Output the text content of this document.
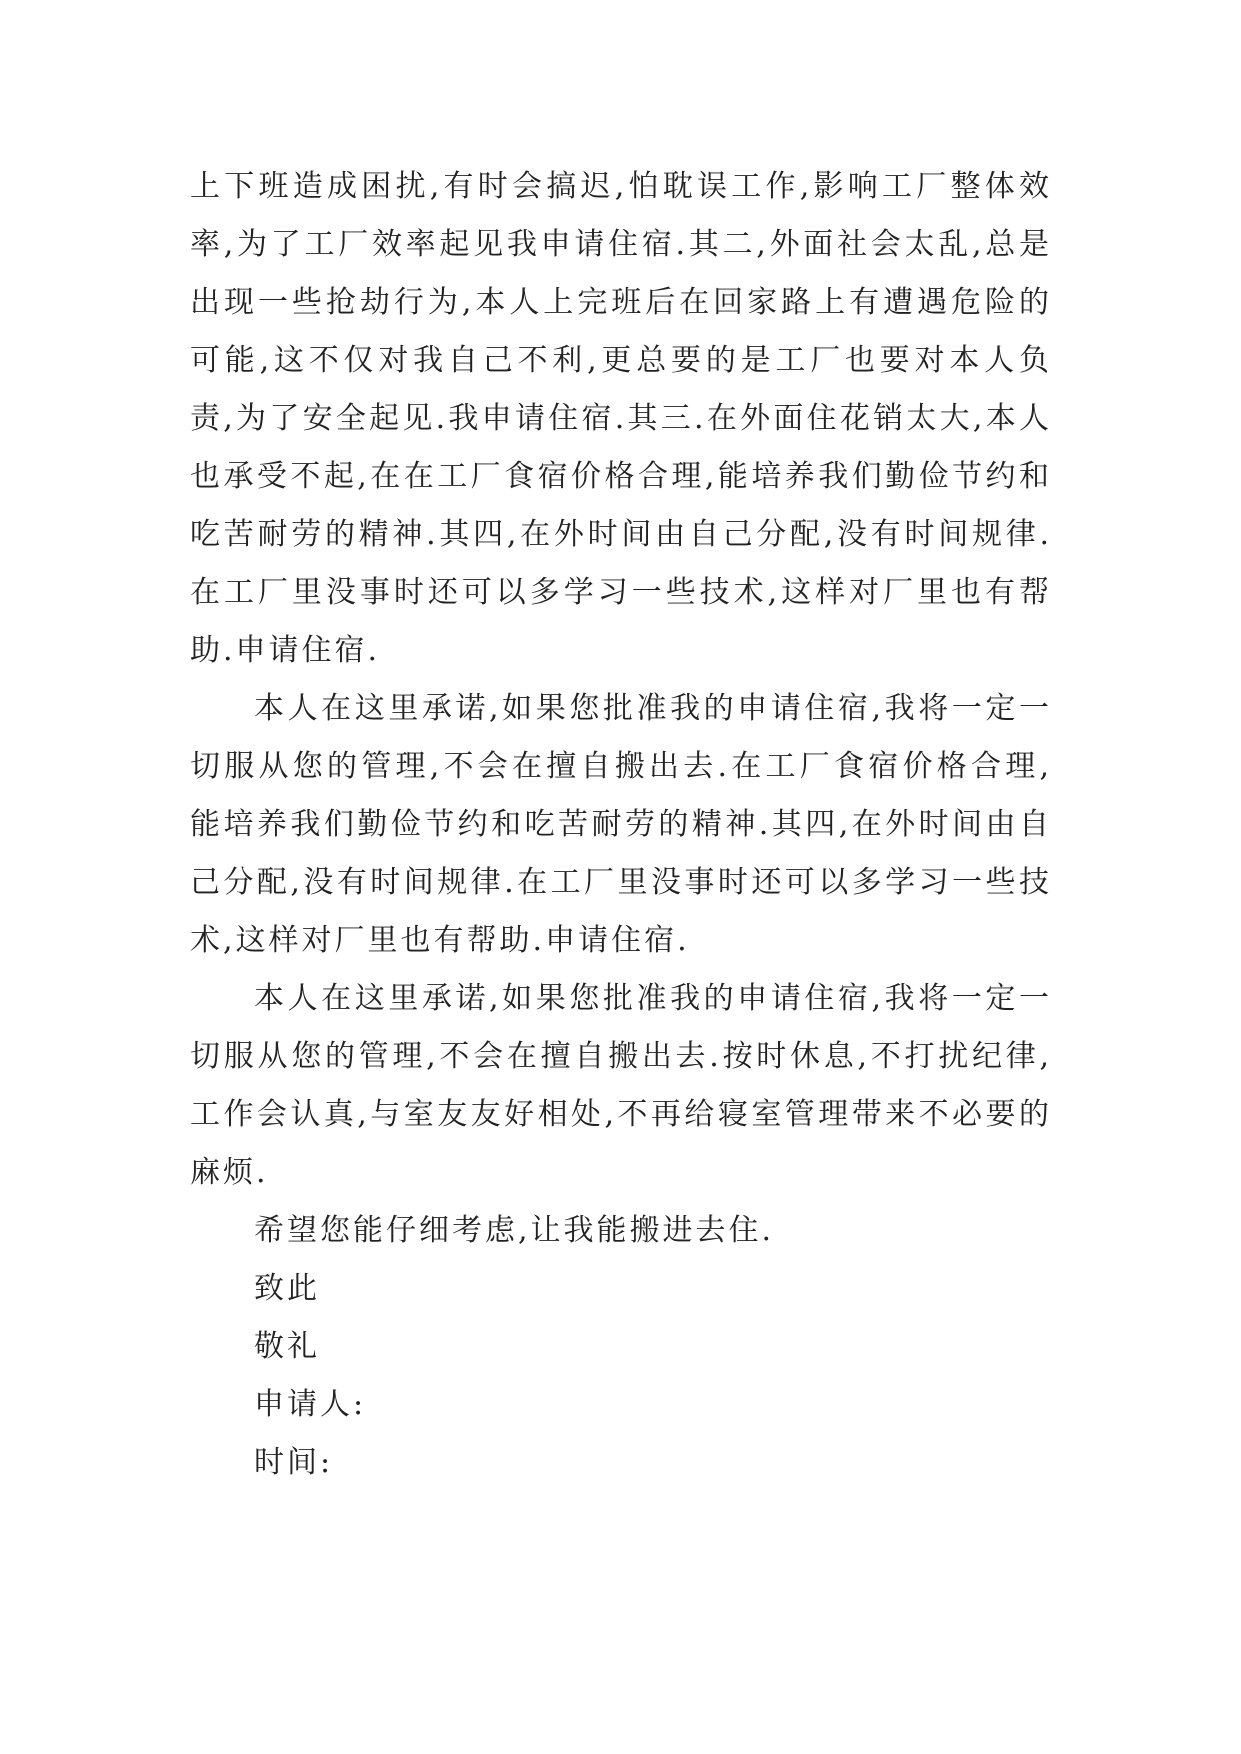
上下班造成困扰,有时会搞迟,怕耽误工作,影响工厂整体效率,为了工厂效率起见我申请住宿.其二,外面社会太乱,总是出现一些抢劫行为,本人上完班后在回家路上有遭遇危险的可能,这不仅对我自己不利,更总要的是工厂也要对本人负责,为了安全起见.我申请住宿.其三.在外面住花销太大,本人也承受不起,在在工厂食宿价格合理,能培养我们勤俭节约和吃苦耐劳的精神.其四,在外时间由自己分配,没有时间规律.在工厂里没事时还可以多学习一些技术,这样对厂里也有帮助.申请住宿.

本人在这里承诺,如果您批准我的申请住宿,我将一定一切服从您的管理,不会在擅自搬出去.在工厂食宿价格合理,能培养我们勤俭节约和吃苦耐劳的精神.其四,在外时间由自己分配,没有时间规律.在工厂里没事时还可以多学习一些技术,这样对厂里也有帮助.申请住宿.

本人在这里承诺,如果您批准我的申请住宿,我将一定一切服从您的管理,不会在擅自搬出去.按时休息,不打扰纪律,工作会认真,与室友友好相处,不再给寝室管理带来不必要的麻烦.

希望您能仔细考虑,让我能搬进去住.

致此

敬礼

申请人:

时间:
